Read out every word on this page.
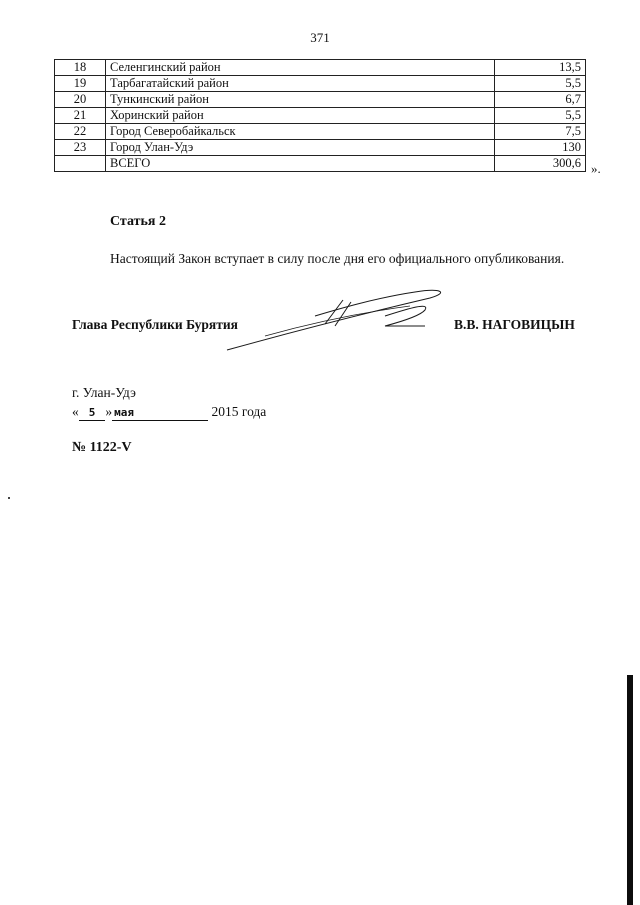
371
18	Селенгинский район	13,5
19	Тарбагатайский район	5,5
20	Тункинский район	6,7
21	Хоринский район	5,5
22	Город Северобайкальск	7,5
23	Город Улан-Удэ	130
	ВСЕГО	300,6 ».
Статья 2
Настоящий Закон вступает в силу после дня его официального опубликования.
Глава Республики Бурятия	В.В. НАГОВИЦЫН
г. Улан-Удэ
« 5 » мая	2015 года
№ 1122-V
